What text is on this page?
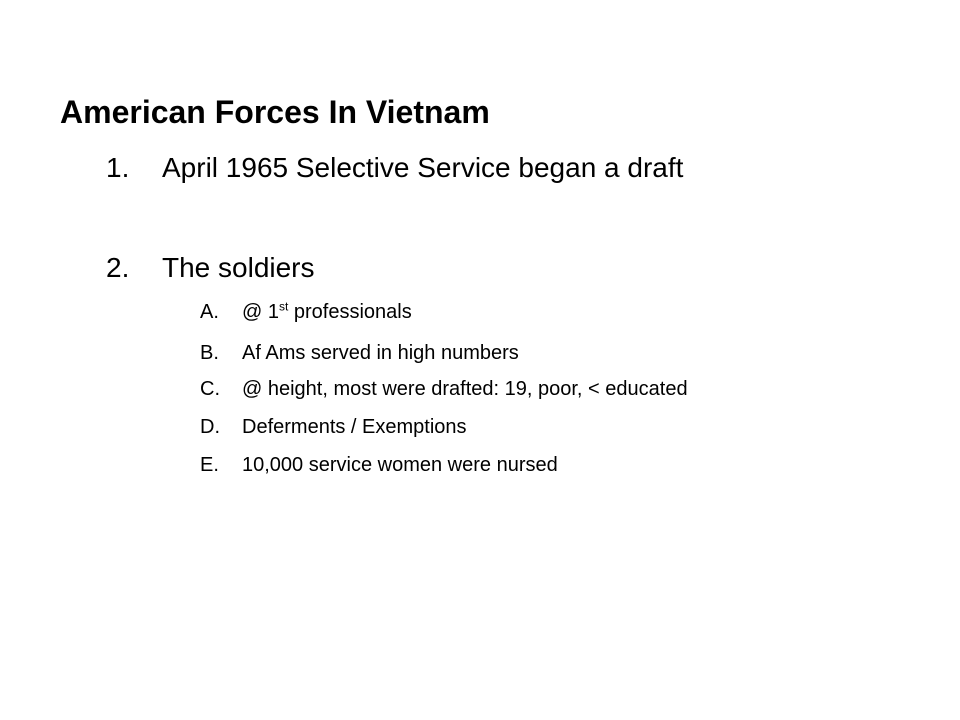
American Forces In Vietnam
1. April 1965 Selective Service began a draft
2. The soldiers
A. @ 1st professionals
B. Af Ams served in high numbers
C. @ height, most were drafted: 19, poor, < educated
D. Deferments / Exemptions
E. 10,000 service women were nursed
